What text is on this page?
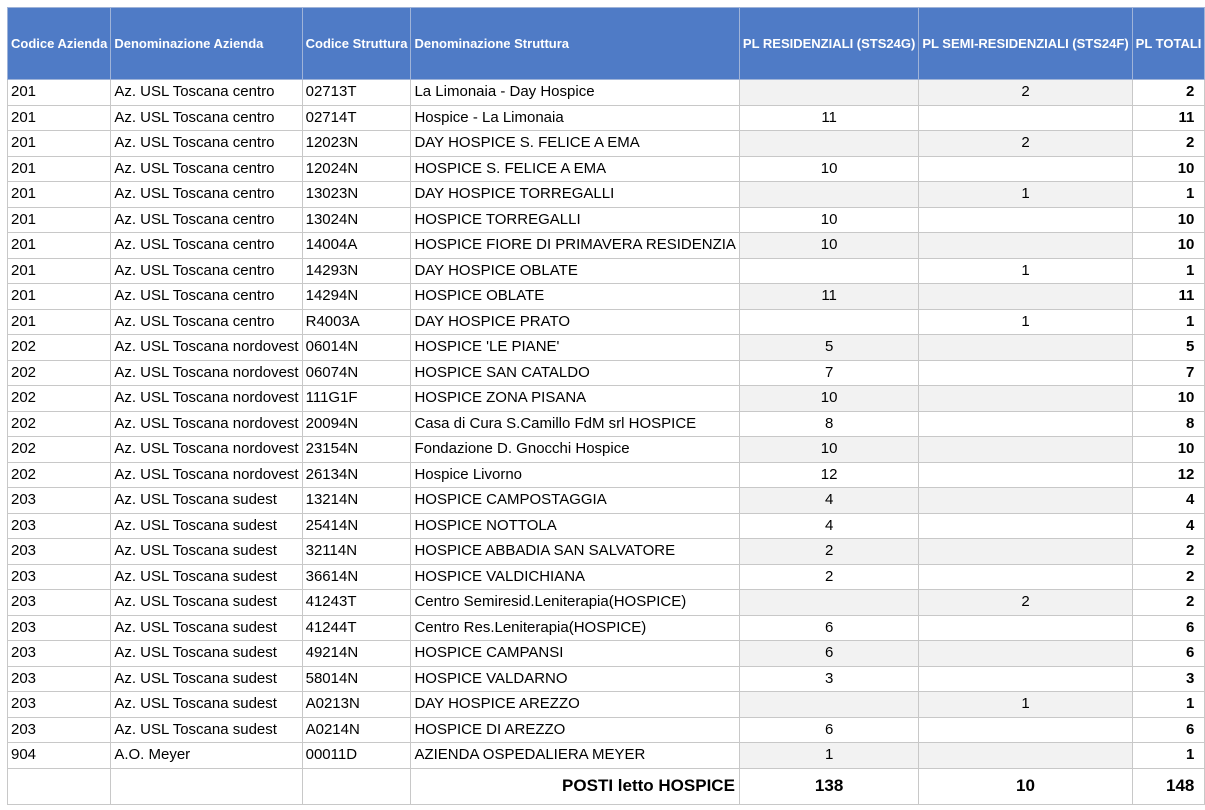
Codice Azienda	Denominazione Azienda	Codice Struttura	Denominazione Struttura	PL RESIDENZIALI (STS24G)	PL SEMI-RESIDENZIALI (STS24F)	PL TOTALI
201	Az. USL Toscana centro	02713T	La Limonaia - Day Hospice		2	2
201	Az. USL Toscana centro	02714T	Hospice - La Limonaia	11		11
201	Az. USL Toscana centro	12023N	DAY HOSPICE S. FELICE A EMA		2	2
201	Az. USL Toscana centro	12024N	HOSPICE S. FELICE A EMA	10		10
201	Az. USL Toscana centro	13023N	DAY HOSPICE TORREGALLI		1	1
201	Az. USL Toscana centro	13024N	HOSPICE TORREGALLI	10		10
201	Az. USL Toscana centro	14004A	HOSPICE FIORE DI PRIMAVERA RESIDENZIA	10		10
201	Az. USL Toscana centro	14293N	DAY HOSPICE OBLATE		1	1
201	Az. USL Toscana centro	14294N	HOSPICE OBLATE	11		11
201	Az. USL Toscana centro	R4003A	DAY HOSPICE PRATO		1	1
202	Az. USL Toscana nordovest	06014N	HOSPICE 'LE PIANE'	5		5
202	Az. USL Toscana nordovest	06074N	HOSPICE SAN CATALDO	7		7
202	Az. USL Toscana nordovest	111G1F	HOSPICE ZONA PISANA	10		10
202	Az. USL Toscana nordovest	20094N	Casa di Cura S.Camillo FdM srl HOSPICE	8		8
202	Az. USL Toscana nordovest	23154N	Fondazione D. Gnocchi Hospice	10		10
202	Az. USL Toscana nordovest	26134N	Hospice Livorno	12		12
203	Az. USL Toscana sudest	13214N	HOSPICE CAMPOSTAGGIA	4		4
203	Az. USL Toscana sudest	25414N	HOSPICE NOTTOLA	4		4
203	Az. USL Toscana sudest	32114N	HOSPICE ABBADIA SAN SALVATORE	2		2
203	Az. USL Toscana sudest	36614N	HOSPICE VALDICHIANA	2		2
203	Az. USL Toscana sudest	41243T	Centro Semiresid.Leniterapia(HOSPICE)		2	2
203	Az. USL Toscana sudest	41244T	Centro Res.Leniterapia(HOSPICE)	6		6
203	Az. USL Toscana sudest	49214N	HOSPICE CAMPANSI	6		6
203	Az. USL Toscana sudest	58014N	HOSPICE VALDARNO	3		3
203	Az. USL Toscana sudest	A0213N	DAY HOSPICE AREZZO		1	1
203	Az. USL Toscana sudest	A0214N	HOSPICE DI AREZZO	6		6
904	A.O. Meyer	00011D	AZIENDA OSPEDALIERA MEYER	1		1
			POSTI letto HOSPICE	138	10	148
